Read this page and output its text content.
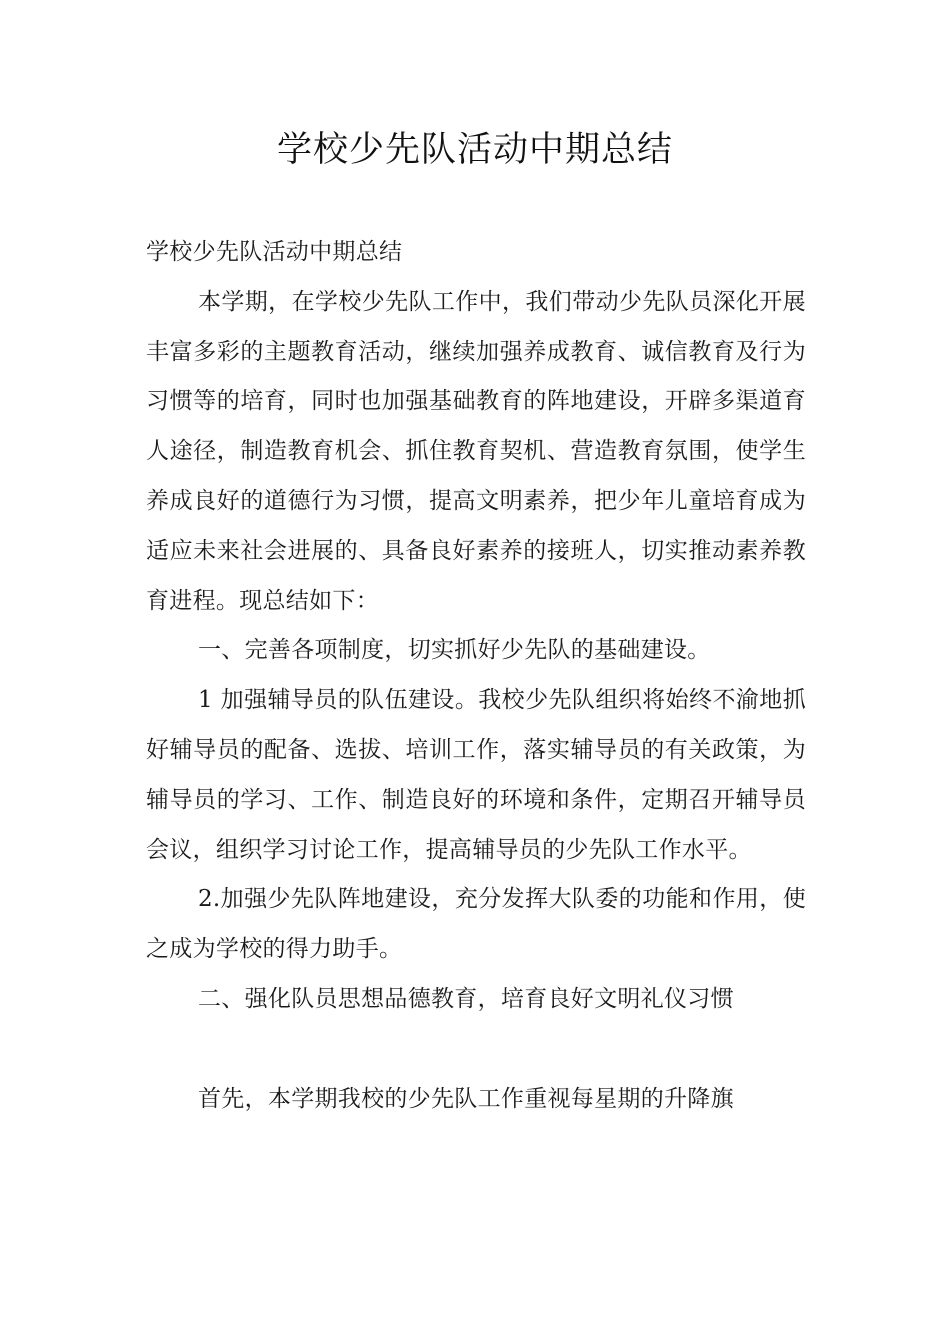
学校少先队活动中期总结

学校少先队活动中期总结

本学期，在学校少先队工作中，我们带动少先队员深化开展丰富多彩的主题教育活动，继续加强养成教育、诚信教育及行为习惯等的培育，同时也加强基础教育的阵地建设，开辟多渠道育人途径，制造教育机会、抓住教育契机、营造教育氛围，使学生养成良好的道德行为习惯，提高文明素养，把少年儿童培育成为适应未来社会进展的、具备良好素养的接班人，切实推动素养教育进程。现总结如下：

一、完善各项制度，切实抓好少先队的基础建设。

1 加强辅导员的队伍建设。我校少先队组织将始终不渝地抓好辅导员的配备、选拔、培训工作，落实辅导员的有关政策，为辅导员的学习、工作、制造良好的环境和条件，定期召开辅导员会议，组织学习讨论工作，提高辅导员的少先队工作水平。

2.加强少先队阵地建设，充分发挥大队委的功能和作用，使之成为学校的得力助手。

二、强化队员思想品德教育，培育良好文明礼仪习惯

首先，本学期我校的少先队工作重视每星期的升降旗
